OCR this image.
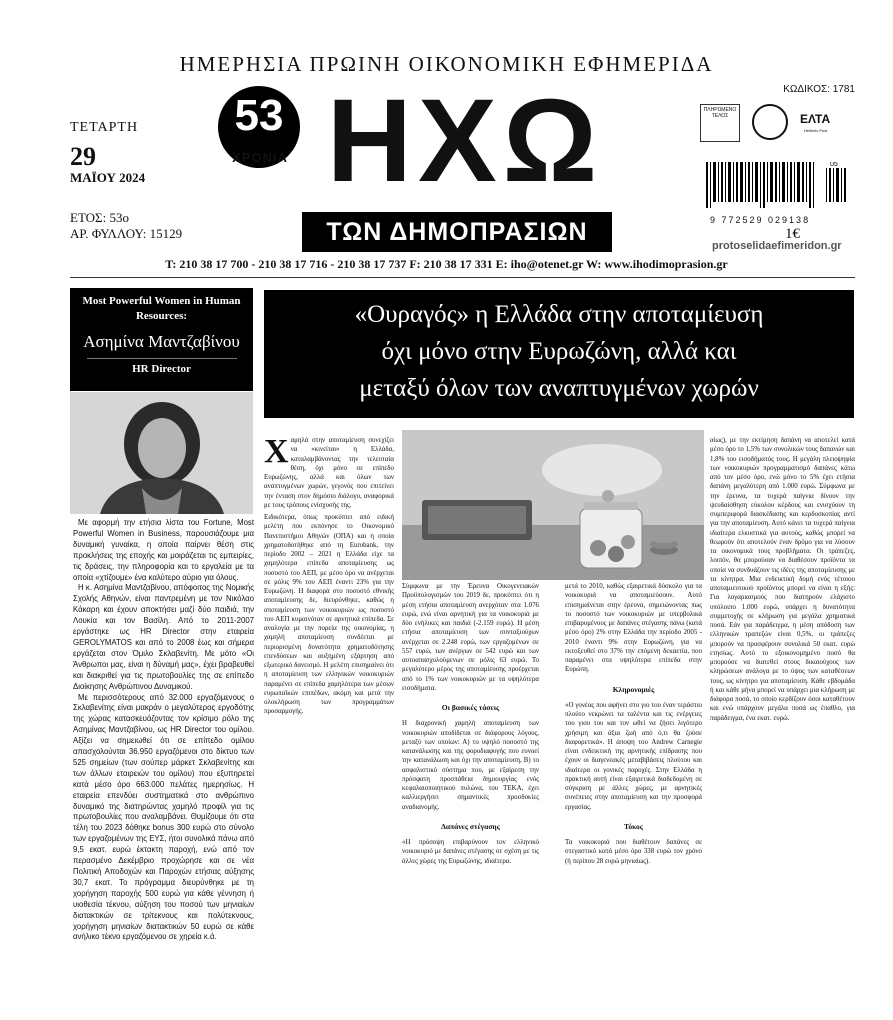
ΗΜΕΡΗΣΙΑ ΠΡΩΙΝΗ ΟΙΚΟΝΟΜΙΚΗ ΕΦΗΜΕΡΙΔΑ
53
ΧΡΟΝΙΑ ΗΧΩ
ΤΩΝ ΔΗΜΟΠΡΑΣΙΩΝ
ΤΕΤΑΡΤΗ
29
ΜΑΪΟΥ 2024
ΕΤΟΣ: 53ο
ΑΡ. ΦΥΛΛΟΥ: 15129
ΚΩΔΙΚΟΣ: 1781
ΠΛΗΡΩΜΕΝΟ ΤΕΛΟΣ	ΕΛΤΑ
Hellenic Post
05
9 772529 029138
1€
protoselidaefimeridon.gr
T: 210 38 17 700 - 210 38 17 716 - 210 38 17 737 F: 210 38 17 331 E: iho@otenet.gr W: www.ihodimoprasion.gr
Most Powerful Women in Human Resources:
Ασημίνα Μαντζαβίνου
HR Director

Με αφορμή την ετήσια λίστα του Fortune, Most Powerful Women in Business, παρουσιάζουμε μια δυναμική γυναίκα, η οποία παίρνει θέση στις προκλήσεις της εποχής και μοιράζεται τις εμπειρίες, τις δράσεις, την πληροφορία και το εργαλεία με τα οποία «χτίζουμε» ένα καλύτερο αύριο για όλους.

Η κ. Ασημίνα Μαντζαβίνου, απόφοιτος της Νομικής Σχολής Αθηνών, είναι παντρεμένη με τον Νικόλαο Κάκαρη και έχουν αποκτήσει μαζί δύο παιδιά, την Λουκία και τον Βασίλη. Από το 2011-2007 εργάστηκε ως HR Director στην εταιρεία GEROLYMATOS και από το 2008 έως και σήμερα εργάζεται στον Όμιλο Σκλαβενίτη. Με μότο «Οι Άνθρωποι μας, είναι η δύναμή μας», έχει βραβευθεί και διακριθεί για τις πρωτοβουλίες της σε επίπεδο Διοίκησης Ανθρώπινου Δυναμικού.

Με περισσότερους από 32.000 εργαζόμενους ο Σκλαβενίτης είναι μακράν ο μεγαλύτερος εργοδότης της χώρας κατασκευάζοντας τον κρίσιμο ρόλο της Ασημίνας Μαντζαβίνου, ως HR Director του ομίλου. Αξίζει να σημειωθεί ότι σε επίπεδο ομίλου απασχολούνται 36.950 εργαζόμενοι στο δίκτυο των 525 σημείων (των σούπερ μάρκετ Σκλαβενίτης και των άλλων εταιρειών του ομίλου) που εξυπηρετεί κατά μέσο όρο 663.000 πελάτες ημερησίως. Η εταιρεία επενδύει συστηματικά στο ανθρώπινο δυναμικό της διατηρώντας χαμηλό προφίλ για τις πρωτοβουλίες που αναλαμβάνει. Θυμίζουμε ότι στα τέλη του 2023 δόθηκε bonus 300 ευρώ στο σύνολο των εργαζομένων της ΕΥΣ, ήτοι συνολικά πάνω από 9,5 εκατ. ευρώ έκτακτη παροχή, ενώ από τον περασμένο Δεκέμβριο προχώρησε και σε νέα Πολιτική Αποδοχών και Παροχών ετήσιας αύξησης 30,7 εκατ. Το πρόγραμμα διευρύνθηκε με τη χορήγηση παροχής 500 ευρώ για κάθε γέννηση ή υιοθεσία τέκνου, αύξηση του ποσού των μηνιαίων διατακτικών σε τρίτεκνους και πολύτεκνους, χορήγηση μηνιαίων διατακτικών 50 ευρώ σε κάθε ανήλικο τέκνο εργαζόμενου σε χηρεία κ.ά.

«Ουραγός» η Ελλάδα στην αποταμίευση
όχι μόνο στην Ευρωζώνη, αλλά και
μεταξύ όλων των αναπτυγμένων χωρών
Χαμηλά στην αποταμίευση συνεχίζει να «κινείται» η Ελλάδα, καταλαμβάνοντας την τελευταία θέση, όχι μόνο σε επίπεδο Ευρωζώνης, αλλά και όλων των αναπτυγμένων χωρών, γεγονός που επιτείνει την ένταση στον δημόσιο διάλογο, αναφορικά με τους τρόπους ενίσχυσής της.

Ειδικότερα, όπως προκύπτει από ειδική μελέτη που εκπόνησε το Οικονομικό Πανεπιστήμιο Αθηνών (ΟΠΑ) και η οποία χρηματοδοτήθηκε από τη Eurobank, την περίοδο 2002 – 2021 η Ελλάδα είχε τα χαμηλότερα επίπεδα αποταμίευσης ως ποσοστό του ΑΕΠ, με μέσο όρο να ανέρχεται σε μόλις 9% του ΑΕΠ έναντι 23% για την Ευρωζώνη. Η διαφορά στο ποσοστό εθνικής αποταμίευσης δε, διευρύνθηκε, καθώς η αποταμίευση των νοικοκυριών ως ποσοστό του ΑΕΠ κυμαινόταν σε αρνητικά επίπεδα. Σε αναλογία με την πορεία της οικονομίας, η χαμηλή αποταμίευση συνδέεται με περιορισμένη δυνατότητα χρηματοδότησης επενδύσεων και αυξημένη εξάρτηση από εξωτερικό δανεισμό. Η μελέτη επισημαίνει ότι η αποταμίευση των ελληνικών νοικοκυριών παραμένει σε επίπεδα χαμηλότερα των μέσων ευρωπαϊκών επιπέδων, ακόμη και μετά την ολοκλήρωση των προγραμμάτων προσαρμογής.

Σύμφωνα με την Έρευνα Οικογενειακών Προϋπολογισμών του 2019 δε, προκύπτει ότι η μέση ετήσια αποταμίευση ανερχόταν στα 1.076 ευρώ, ενώ είναι αρνητική για τα νοικοκυριά με δύο ενήλικες και παιδιά (-2.159 ευρώ). Η μέση ετήσια αποταμίευση των συνταξιούχων ανέρχεται σε 2.248 ευρώ, των εργαζομένων σε 557 ευρώ, των ανέργων σε 542 ευρώ και των αυτοαπασχολούμενων σε μόλις 63 ευρώ. Το μεγαλύτερο μέρος της αποταμίευσης προέρχεται από το 1% των νοικοκυριών με τα υψηλότερα εισοδήματα.

Οι βασικές τάσεις

Η διαχρονική χαμηλή αποταμίευση των νοικοκυριών αποδίδεται σε διάφορους λόγους, μεταξύ των οποίων: Α) το υψηλό ποσοστό της κατανάλωσης και της φοροδιαφυγής που ευνοεί την κατανάλωση και όχι την αποταμίευση, Β) το ασφαλιστικό σύστημα που, με εξαίρεση την πρόσφατη προσπάθεια δημιουργίας ενός κεφαλαιοποιητικού πυλώνα, του ΤΕΚΑ, έχει καλλιεργήσει σημαντικές προσδοκίες αναδιανομής.

Δαπάνες στέγασης

«Η πρόσοψη επιβαρύνουν τον ελληνικό νοικοκυριό με δαπάνες στέγασης σε σχέση με τις άλλες χώρες της Ευρωζώνης, ιδιαίτερα.

μετά το 2010, καθώς εξαιρετικά δύσκολο για τα νοικοκυριά να αποταμιεύσουν. Αυτό επισημαίνεται στην έρευνα, σημειώνοντας πως το ποσοστό των νοικοκυριών με υπερβολικά επιβαρυμένους με δαπάνες στέγασης πάνω (κατά μέσο όρο) 2% στην Ελλάδα την περίοδο 2005 - 2010 έναντι 9% στην Ευρωζώνη, για να εκτοξευθεί στο 37% την επόμενη δεκαετία, που παραμένει στα υψηλότερα επίπεδα στην Ευρώπη.

Κληρονομιές

«Ο γονέας που αφήνει στο γιο του έναν τεράστιο πλούτο νεκρώνει τα ταλέντα και τις ενέργειες του γιου του και τον ωθεί να ζήσει λιγότερο χρήσιμη και άξια ζωή από ό,τι θα ζούσε διαφορετικά». Η άποψη του Andrew Carnegie είναι ενδεικτική της αρνητικής επίδρασης που έχουν οι διαγενεακές μεταβιβάσεις πλούτου και ιδιαίτερα οι γονικές παροχές. Στην Ελλάδα η πρακτική αυτή είναι εξαιρετικά διαδεδομένη σε σύγκριση με άλλες χώρες, με αρνητικές συνέπειες στην αποταμίευση και την προσφορά εργασίας.

Τόκος

Τα νοικοκυριά που διαθέτουν δαπάνες σε στεγαστικό κατά μέσο όρο 338 ευρώ τον χρόνο (ή περίπου 28 ευρώ μηνιαίως).

αίως), με την εκτίμηση δαπάνη να αποτελεί κατά μέσο όρο το 1,5% των συνολικών τους δαπανών και 1,8% του εισοδήματός τους. Η μεγάλη πλειοψηφία των νοικοκυριών προγραμματισμό δαπάνες κάτω από τον μέσο όρο, ενώ μόνο το 5% έχει ετήσια δαπάνη μεγαλύτερη από 1.000 ευρώ. Σύμφωνα με την έρευνα, τα τυχερά παίγνια δίνουν την ψευδαίσθηση εύκολου κέρδους και ενισχύουν τη συμπεριφορά διασκέδασης και κερδοσκοπίας αντί για την αποταμίευση. Αυτό κάνει τα τυχερά παίγνια ιδιαίτερα ελκυστικά για αυτούς, καθώς μπορεί να θεωρούν ότι αποτελούν έναν δρόμο για να λύσουν τα οικονομικά τους προβλήματα. Οι τράπεζες, λοιπόν, θα μπορούσαν να διαθέσουν προϊόντα τα οποία να συνδυάζουν τις ιδέες της αποταμίευσης με τα κίνητρα. Μια ενδεικτική δομή ενός τέτοιου αποταμιευτικού προϊόντος μπορεί να είναι η εξής: Για λογαριασμούς που διατηρούν ελάχιστο υπόλοιπο 1.000 ευρώ, υπάρχει η δυνατότητα συμμετοχής σε κλήρωση για μεγάλα χρηματικά ποσά. Εάν για παράδειγμα, η μέση απόδοση των ελληνικών τραπεζών είναι 0,5%, οι τράπεζες μπορούν να προσφέρουν συνολικά 50 εκατ. ευρώ ετησίως. Αυτό το εξοικονομημένο ποσό θα μπορούσε να διατεθεί στους δικαιούχους των κληρώσεων ανάλογα με το ύψος των καταθέσεων τους, ως κίνητρο για αποταμίευση. Κάθε εβδομάδα ή και κάθε μήνα μπορεί να υπάρχει μια κλήρωση με διάφορα ποσά, το οποίο κερδίζουν όσοι καταθέτουν και ενώ υπάρχουν μεγάλα ποσά ως έπαθλο, για παράδειγμα, ένα εκατ. ευρώ.
